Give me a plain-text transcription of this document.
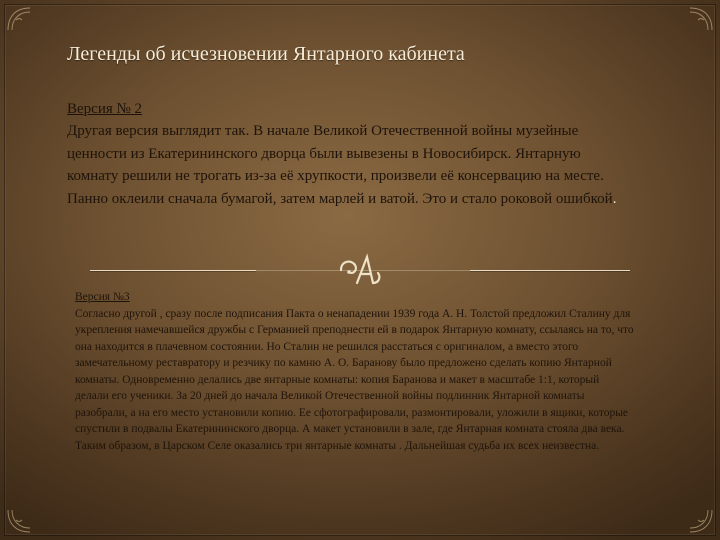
Легенды об исчезновении Янтарного кабинета
Версия № 2

Другая версия выглядит так. В начале Великой Отечественной войны музейные ценности из Екатерининского дворца были вывезены в Новосибирск. Янтарную комнату решили не трогать из-за её хрупкости, произвели её консервацию на месте. Панно оклеили сначала бумагой, затем марлей и ватой. Это и стало роковой ошибкой.

Версия №3

Согласно другой , сразу после подписания Пакта о ненападении 1939 года А. Н. Толстой предложил Сталину для укрепления намечавшейся дружбы с Германией преподнести ей в подарок Янтарную комнату, ссылаясь на то, что она находится в плачевном состоянии. Но Сталин не решился расстаться с оригиналом, а вместо этого замечательному реставратору и резчику по камню А. О. Баранову было предложено сделать копию Янтарной комнаты. Одновременно делались две янтарные комнаты: копия Баранова и макет в масштабе 1:1, который делали его ученики. За 20 дней до начала Великой Отечественной войны подлинник Янтарной комнаты разобрали, а на его место установили копию. Ее сфотографировали, размонтировали, уложили в ящики, которые спустили в подвалы Екатерининского дворца. А макет установили в зале, где Янтарная комната стояла два века. Таким образом, в Царском Селе оказались три янтарные комнаты . Дальнейшая судьба их всех неизвестна.
